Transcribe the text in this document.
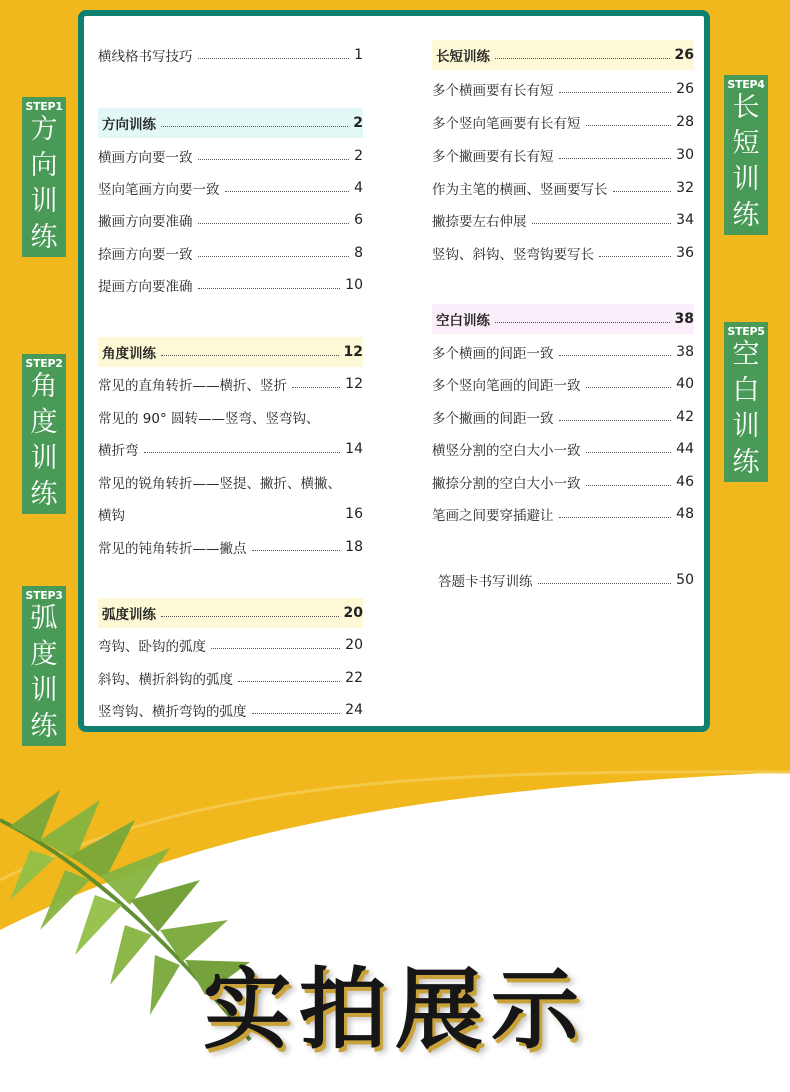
横线格书写技巧	1
方向训练	2
横画方向要一致	2
竖向笔画方向要一致	4
撇画方向要准确	6
捺画方向要一致	8
提画方向要准确	10
角度训练	12
常见的直角转折——横折、竖折	12
常见的 90° 圆转——竖弯、竖弯钩、
横折弯	14
常见的锐角转折——竖提、撇折、横撇、
横钩	16
常见的钝角转折——撇点	18
弧度训练	20
弯钩、卧钩的弧度	20
斜钩、横折斜钩的弧度	22
竖弯钩、横折弯钩的弧度	24
长短训练	26
多个横画要有长有短	26
多个竖向笔画要有长有短	28
多个撇画要有长有短	30
作为主笔的横画、竖画要写长	32
撇捺要左右伸展	34
竖钩、斜钩、竖弯钩要写长	36
空白训练	38
多个横画的间距一致	38
多个竖向笔画的间距一致	40
多个撇画的间距一致	42
横竖分割的空白大小一致	44
撇捺分割的空白大小一致	46
笔画之间要穿插避让	48
答题卡书写训练	50
STEP1
方
向
训
练
STEP2
角
度
训
练
STEP3
弧
度
训
练
STEP4
长
短
训
练
STEP5
空
白
训
练
实拍展示
